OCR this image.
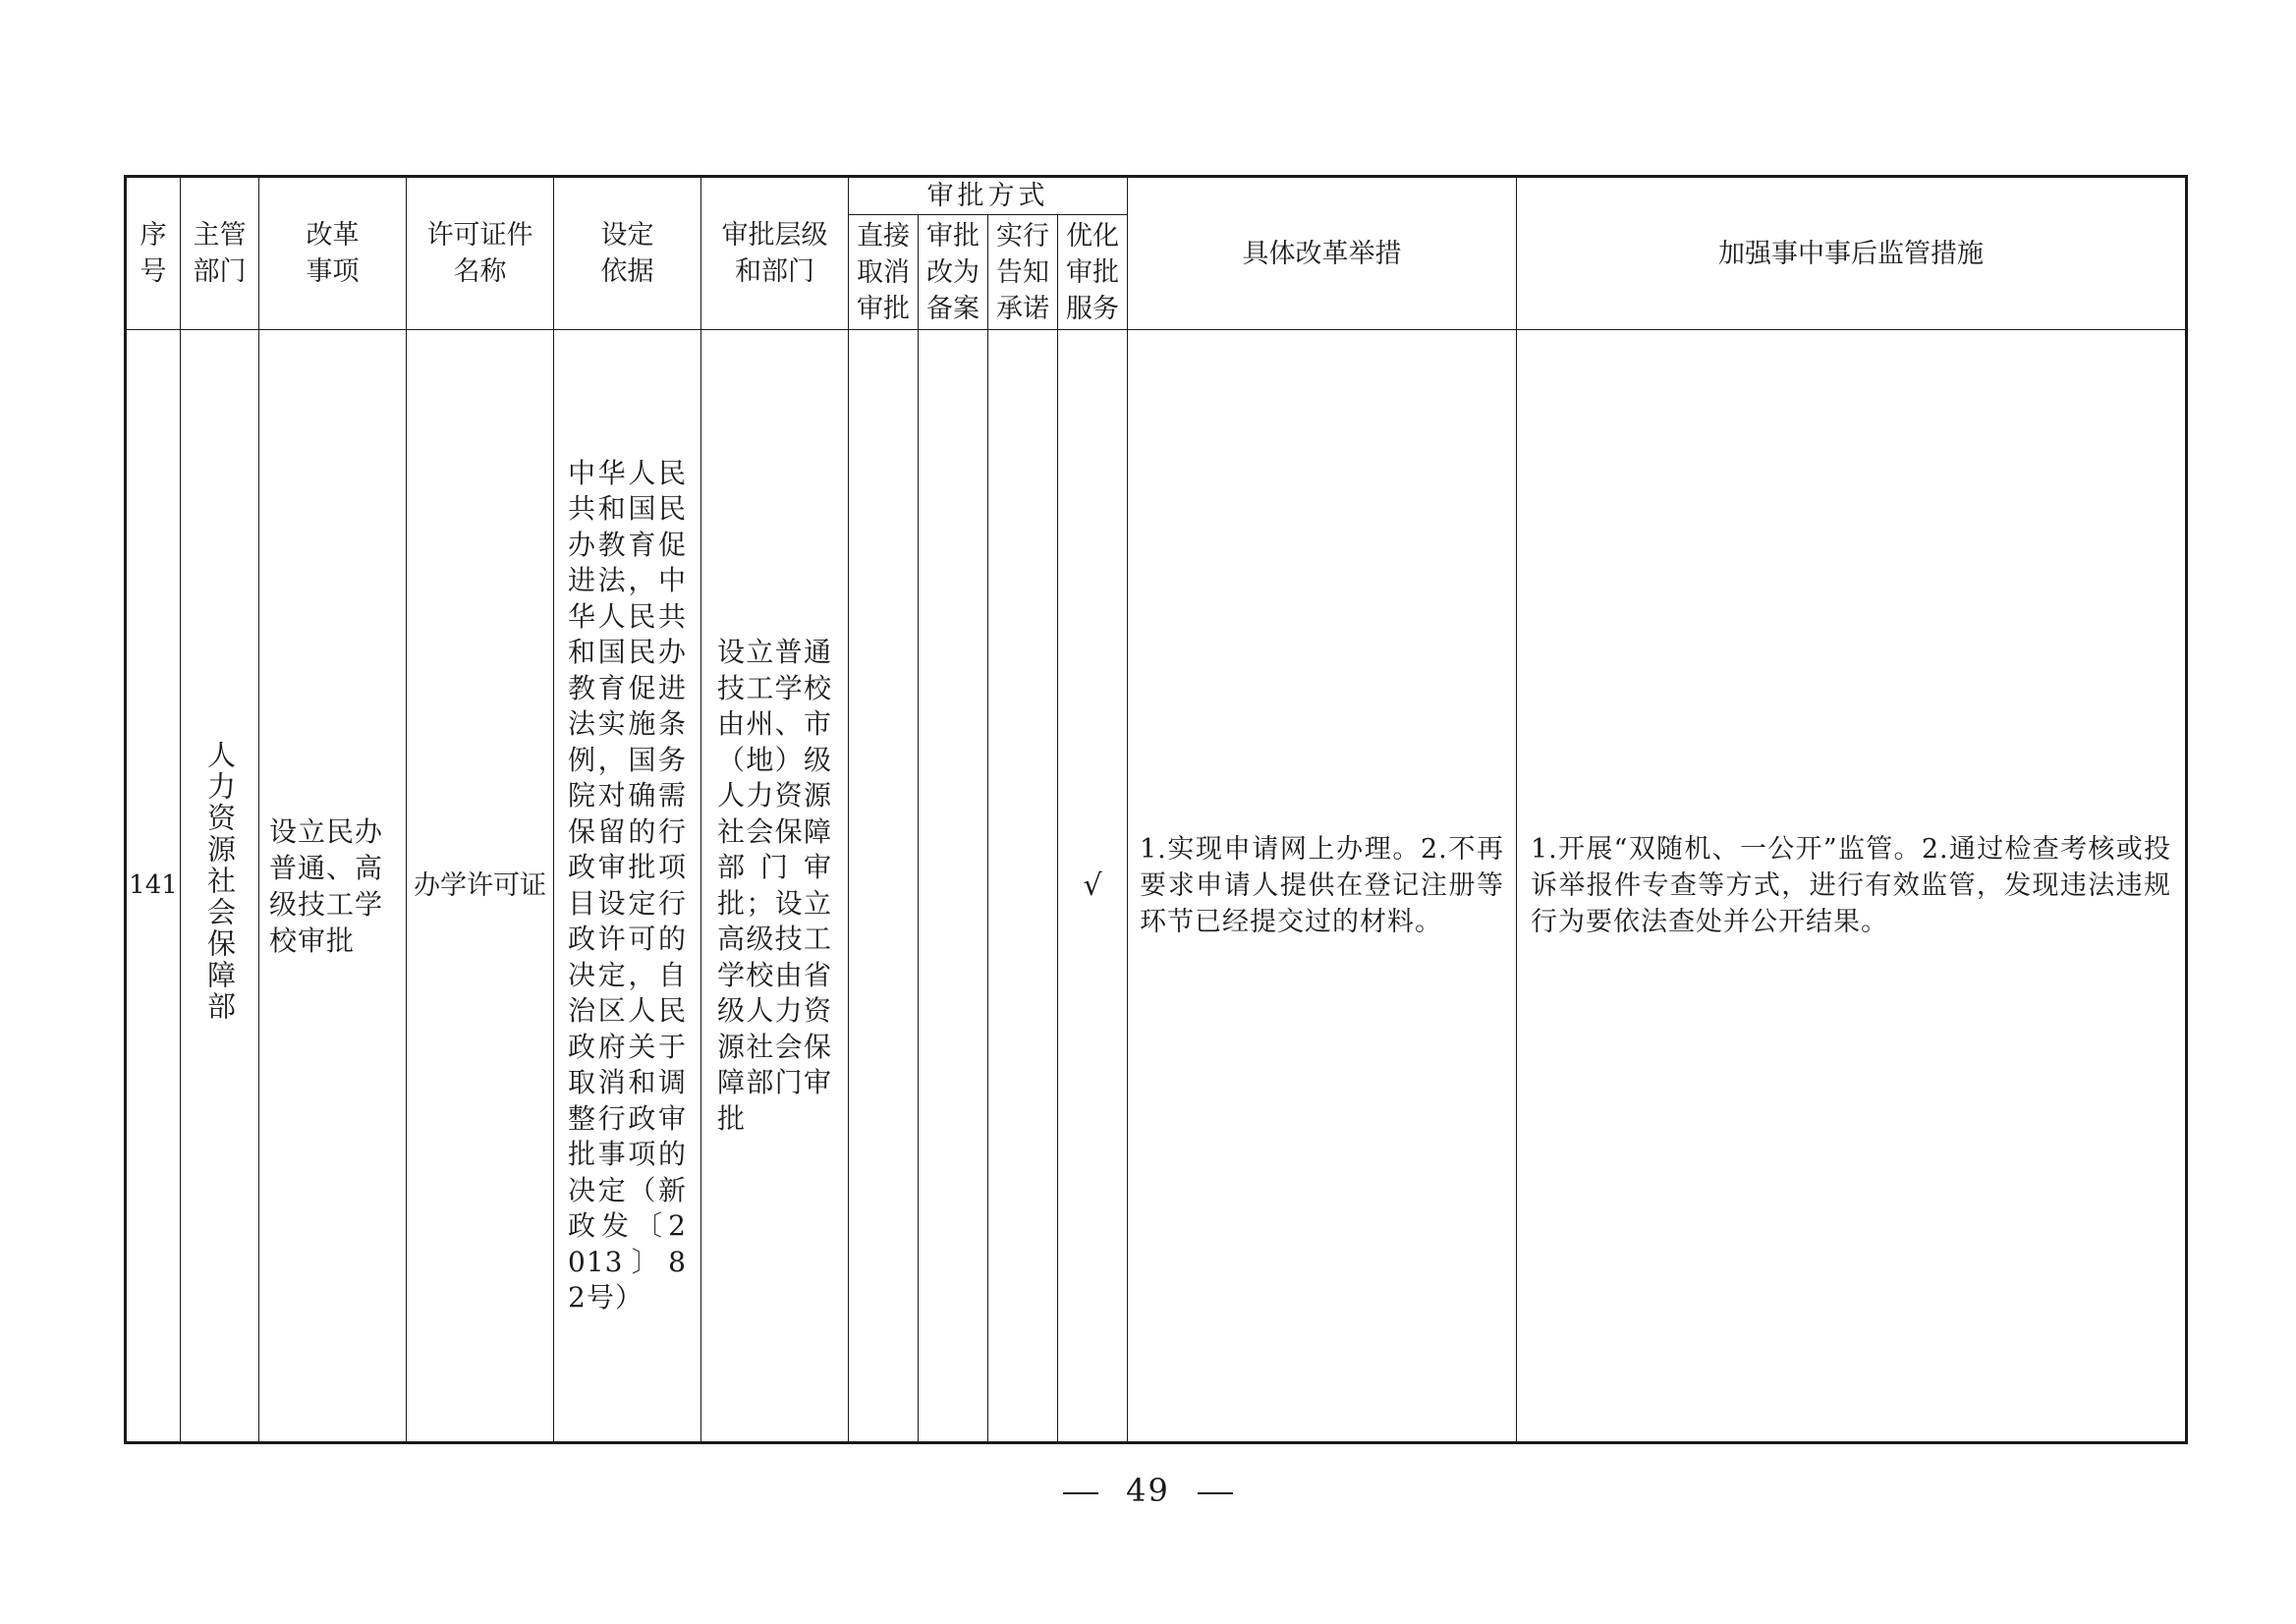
序号	主管部门	改革事项	许可证件名称	设定依据	审批层级和部门	审批方式				具体改革举措	加强事中事后监管措施
						直接取消审批	审批改为备案	实行告知承诺	优化审批服务		
141	人力资源社会保障部	设立民办普通、高级技工学校审批	办学许可证	中华人民共和国民办教育促进法，中华人民共和国民办教育促进法实施条例，国务院对确需保留的行政审批项目设定行政许可的决定，自治区人民政府关于取消和调整行政审批事项的决定（新政发〔2013〕82号）	设立普通技工学校由州、市（地）级人力资源社会保障部门审批；设立高级技工学校由省级人力资源社会保障部门审批				√	1.实现申请网上办理。2.不再要求申请人提供在登记注册等环节已经提交过的材料。	1.开展“双随机、一公开”监管。2.通过检查考核或投诉举报件专查等方式，进行有效监管，发现违法违规行为要依法查处并公开结果。
49
